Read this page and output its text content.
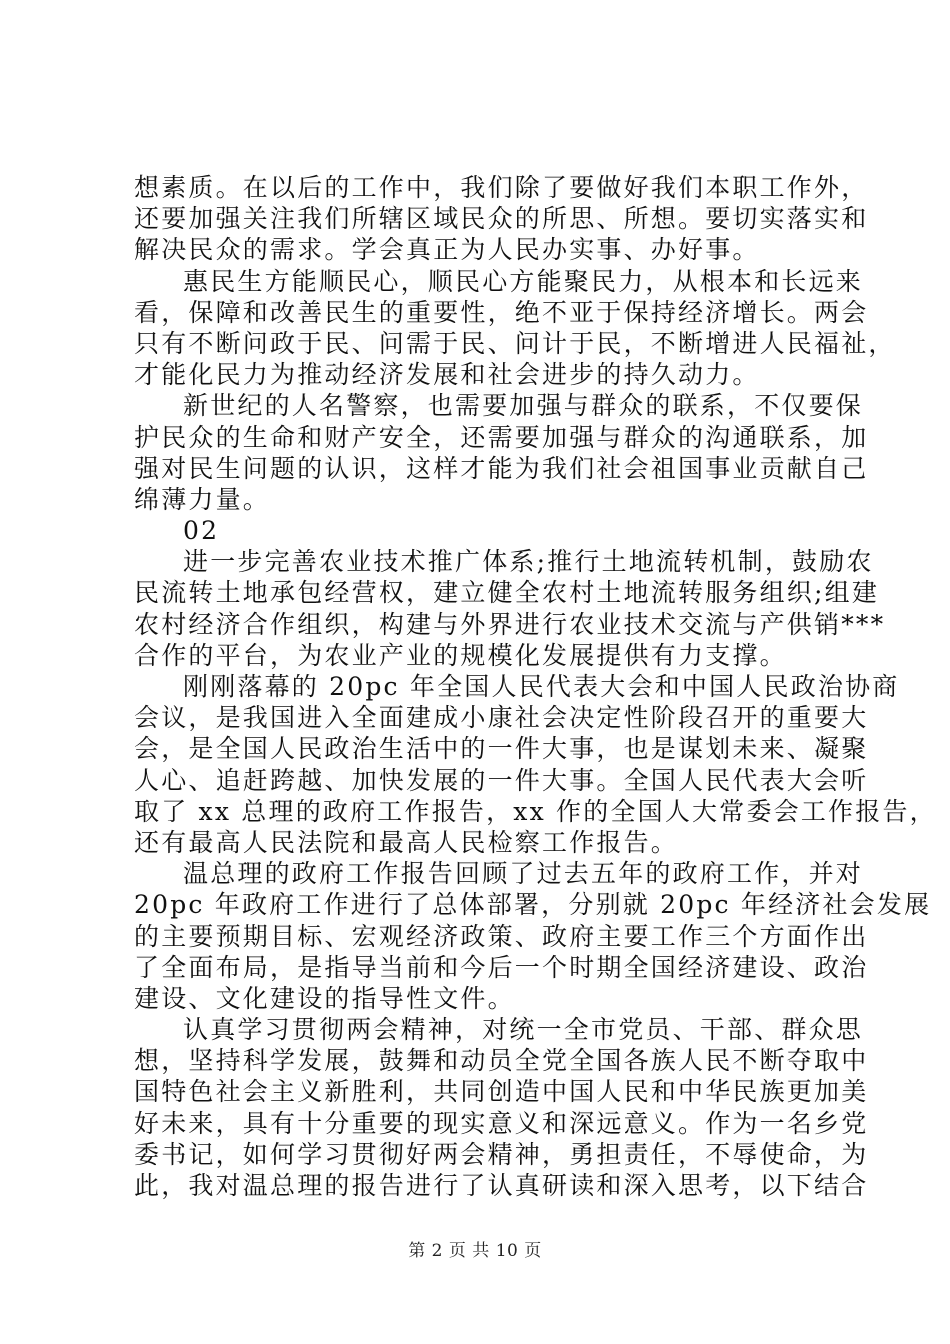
想素质。在以后的工作中，我们除了要做好我们本职工作外，
还要加强关注我们所辖区域民众的所思、所想。要切实落实和
解决民众的需求。学会真正为人民办实事、办好事。
惠民生方能顺民心，顺民心方能聚民力，从根本和长远来
看，保障和改善民生的重要性，绝不亚于保持经济增长。两会
只有不断问政于民、问需于民、问计于民，不断增进人民福祉，
才能化民力为推动经济发展和社会进步的持久动力。
新世纪的人名警察，也需要加强与群众的联系，不仅要保
护民众的生命和财产安全，还需要加强与群众的沟通联系，加
强对民生问题的认识，这样才能为我们社会祖国事业贡献自己
绵薄力量。
02
进一步完善农业技术推广体系;推行土地流转机制，鼓励农
民流转土地承包经营权，建立健全农村土地流转服务组织;组建
农村经济合作组织，构建与外界进行农业技术交流与产供销***
合作的平台，为农业产业的规模化发展提供有力支撑。
刚刚落幕的 20pc 年全国人民代表大会和中国人民政治协商
会议，是我国进入全面建成小康社会决定性阶段召开的重要大
会，是全国人民政治生活中的一件大事，也是谋划未来、凝聚
人心、追赶跨越、加快发展的一件大事。全国人民代表大会听
取了 xx 总理的政府工作报告，xx 作的全国人大常委会工作报告，
还有最高人民法院和最高人民检察工作报告。
温总理的政府工作报告回顾了过去五年的政府工作，并对
20pc 年政府工作进行了总体部署，分别就 20pc 年经济社会发展
的主要预期目标、宏观经济政策、政府主要工作三个方面作出
了全面布局，是指导当前和今后一个时期全国经济建设、政治
建设、文化建设的指导性文件。
认真学习贯彻两会精神，对统一全市党员、干部、群众思
想，坚持科学发展，鼓舞和动员全党全国各族人民不断夺取中
国特色社会主义新胜利，共同创造中国人民和中华民族更加美
好未来，具有十分重要的现实意义和深远意义。作为一名乡党
委书记，如何学习贯彻好两会精神，勇担责任，不辱使命，为
此，我对温总理的报告进行了认真研读和深入思考，以下结合
第 2 页 共 10 页
